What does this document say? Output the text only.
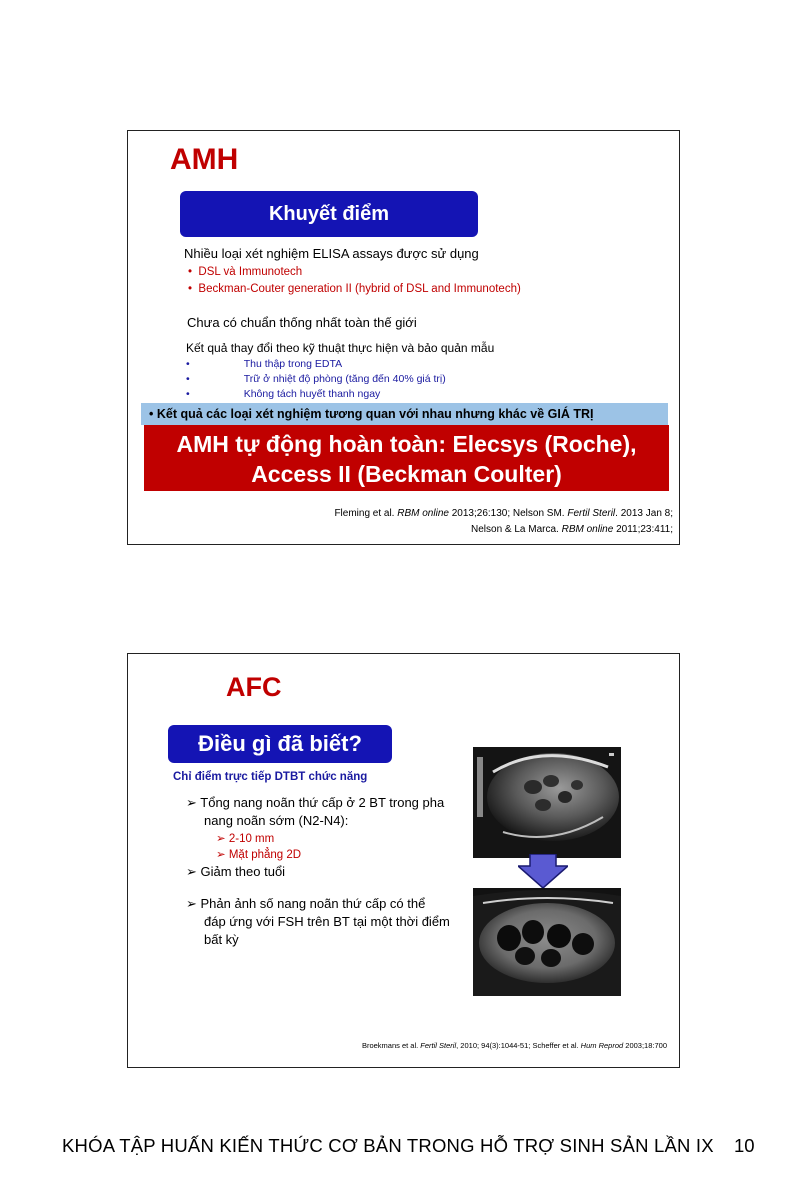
AMH
Khuyết điểm
Nhiều loại xét nghiệm ELISA assays được sử dụng
•  DSL và Immunotech
•  Beckman-Couter generation II (hybrid of DSL and Immunotech)
Chưa có chuẩn thống nhất toàn thế giới
Kết quả thay đổi theo kỹ thuật thực hiện và bảo quản mẫu
•	Thu thập trong EDTA
•	Trữ ở nhiệt độ phòng (tăng đến 40% giá trị)
•	Không tách huyết thanh ngay
• Kết quả các loại xét nghiệm tương quan với nhau nhưng khác về GIÁ TRỊ
AMH tự động hoàn toàn: Elecsys (Roche),
Access II (Beckman Coulter)
Fleming et al. RBM online 2013;26:130; Nelson SM. Fertil Steril. 2013 Jan 8;
Nelson & La Marca. RBM online 2011;23:411;
AFC
Điều gì đã biết?
Chỉ điểm trực tiếp DTBT chức năng
➢ Tổng nang noãn thứ cấp ở 2 BT trong pha
nang noãn sớm (N2-N4):
➢ 2-10 mm
➢ Mặt phẳng 2D
➢ Giảm theo tuổi
➢ Phản ảnh số nang noãn thứ cấp có thể
đáp ứng với FSH trên BT tại một thời điểm
bất kỳ
Broekmans et al. Fertil Steril, 2010; 94(3):1044-51; Scheffer et al. Hum Reprod 2003;18:700
KHÓA TẬP HUẤN KIẾN THỨC CƠ BẢN TRONG HỖ TRỢ SINH SẢN LẦN IX 10
